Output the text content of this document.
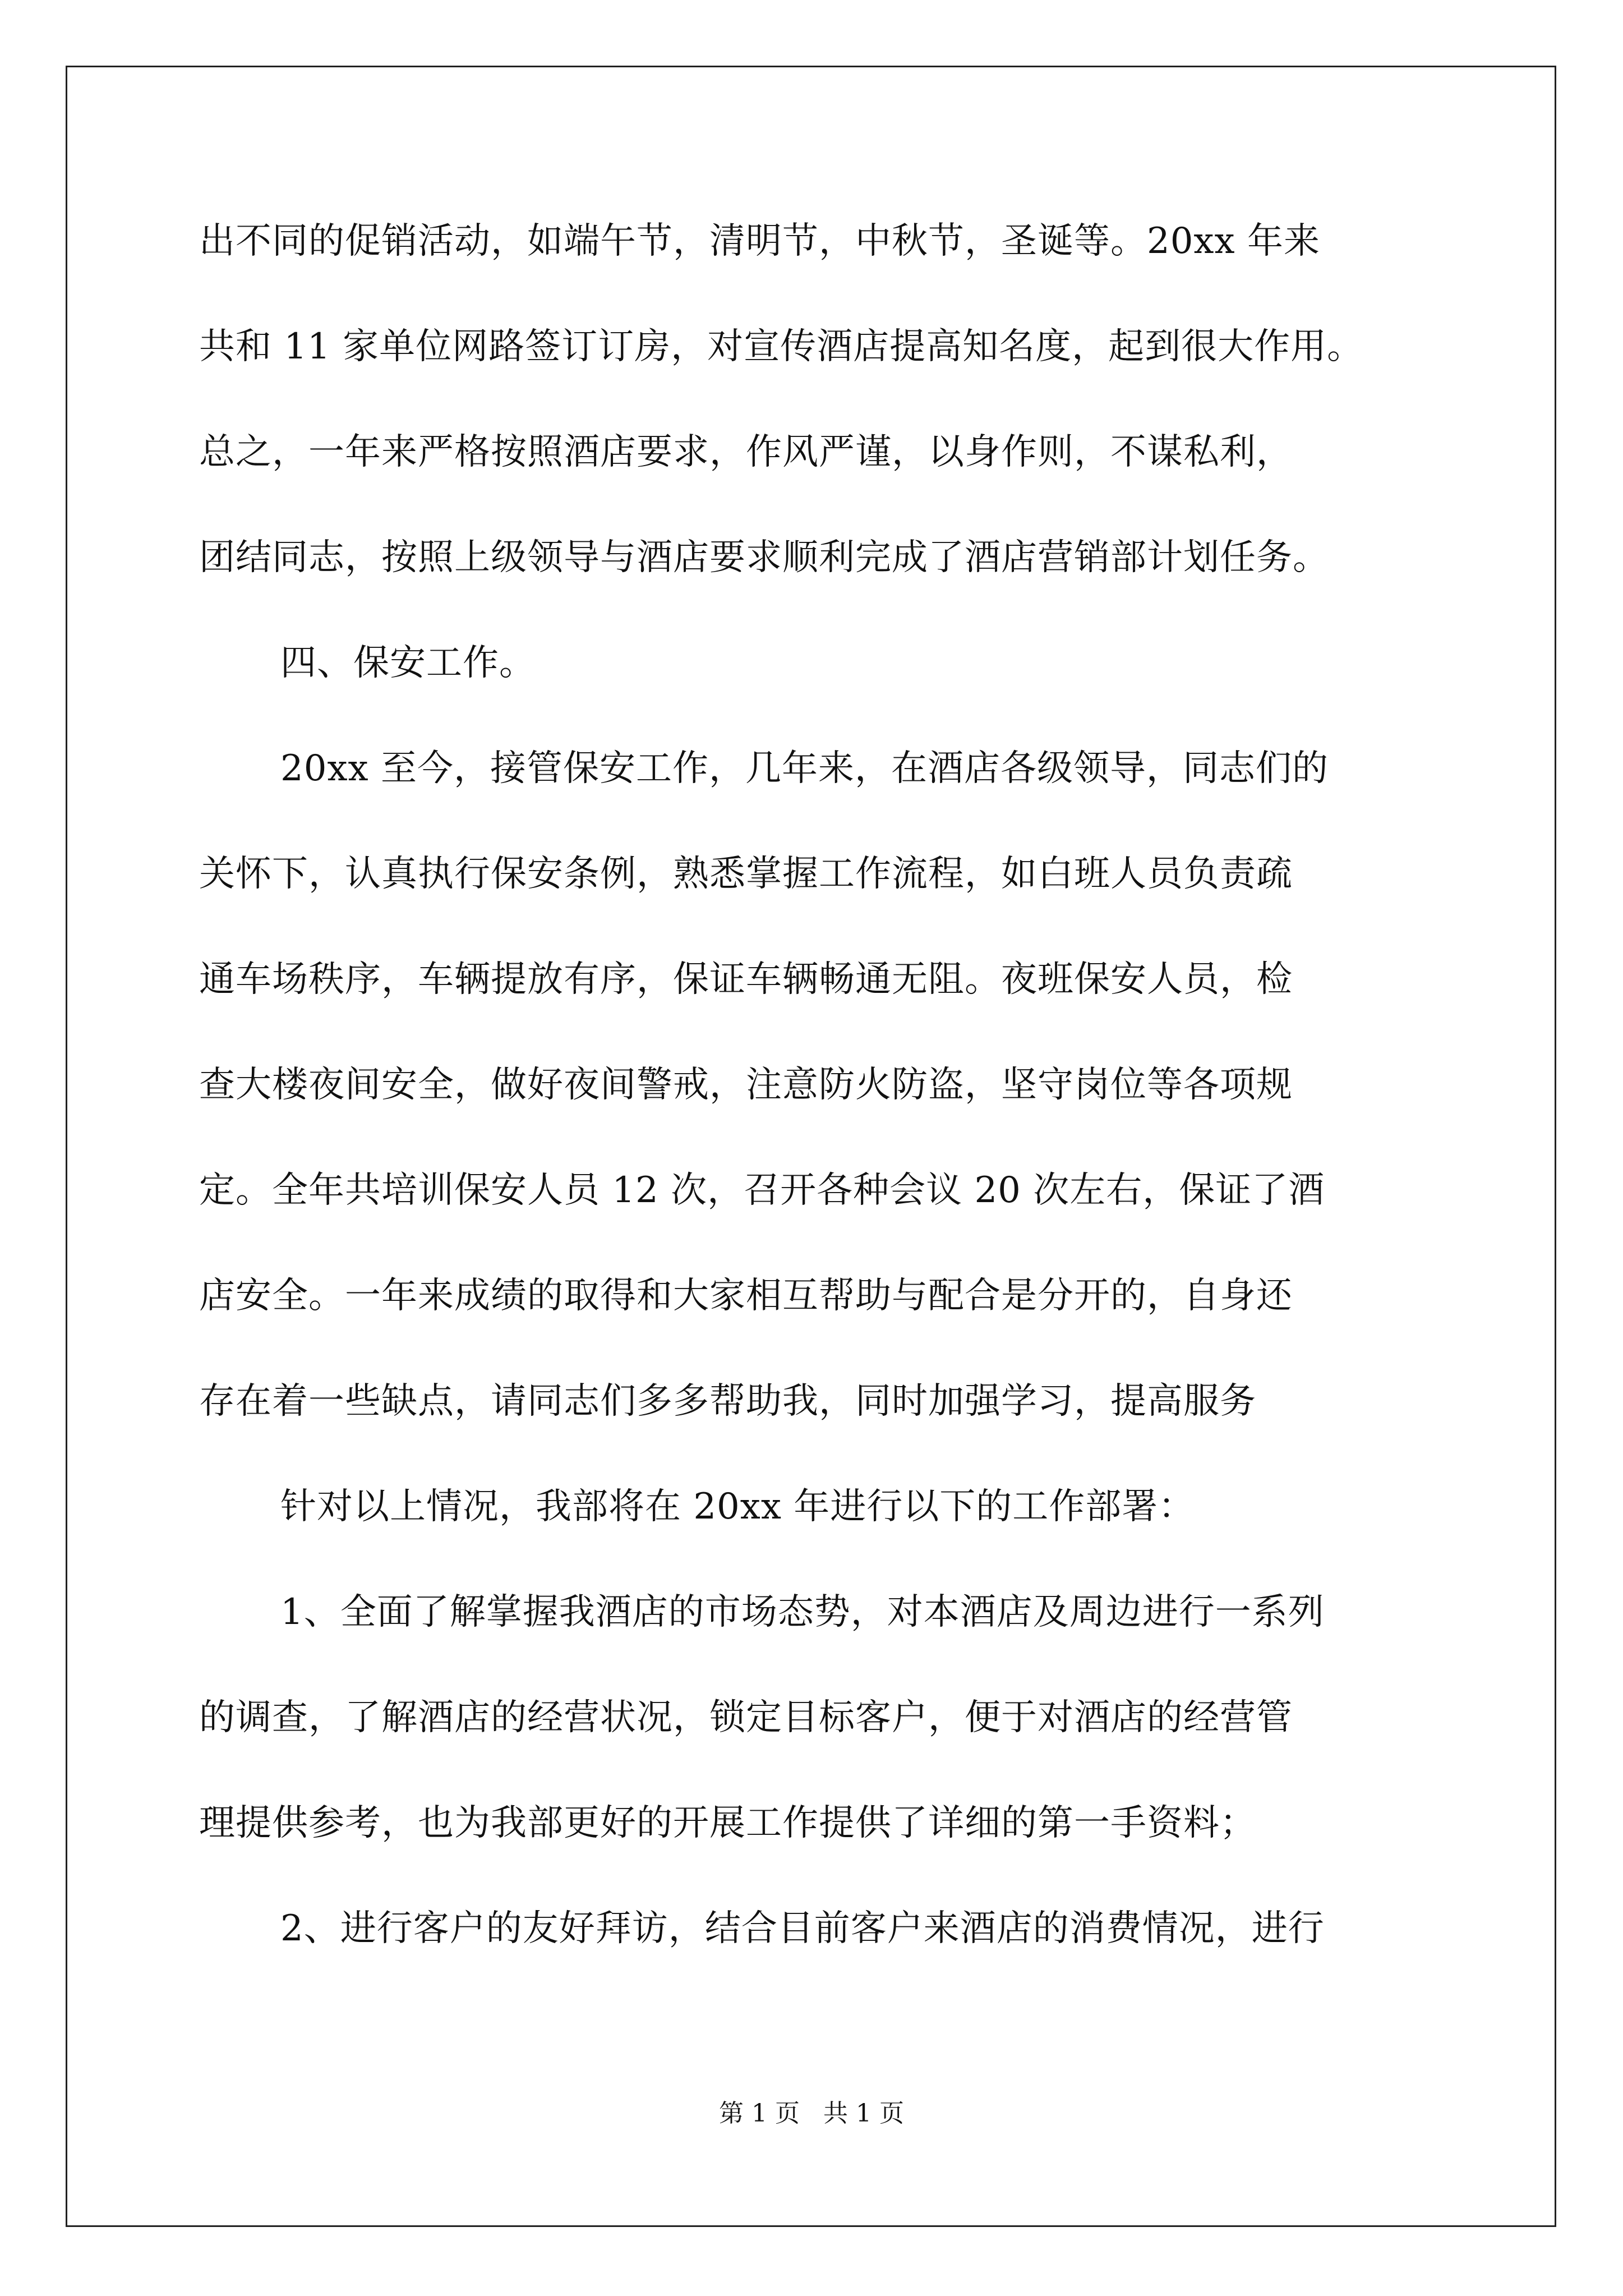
出不同的促销活动，如端午节，清明节，中秋节，圣诞等。20xx 年来
共和 11 家单位网路签订订房，对宣传酒店提高知名度，起到很大作用。
总之，一年来严格按照酒店要求，作风严谨，以身作则，不谋私利，
团结同志，按照上级领导与酒店要求顺利完成了酒店营销部计划任务。
四、保安工作。
20xx 至今，接管保安工作，几年来，在酒店各级领导，同志们的
关怀下，认真执行保安条例，熟悉掌握工作流程，如白班人员负责疏
通车场秩序，车辆提放有序，保证车辆畅通无阻。夜班保安人员，检
查大楼夜间安全，做好夜间警戒，注意防火防盗，坚守岗位等各项规
定。全年共培训保安人员 12 次，召开各种会议 20 次左右，保证了酒
店安全。一年来成绩的取得和大家相互帮助与配合是分开的，自身还
存在着一些缺点，请同志们多多帮助我，同时加强学习，提高服务
针对以上情况，我部将在 20xx 年进行以下的工作部署：
1、全面了解掌握我酒店的市场态势，对本酒店及周边进行一系列
的调查，了解酒店的经营状况，锁定目标客户，便于对酒店的经营管
理提供参考，也为我部更好的开展工作提供了详细的第一手资料；
2、进行客户的友好拜访，结合目前客户来酒店的消费情况，进行
第 1 页   共 1 页
